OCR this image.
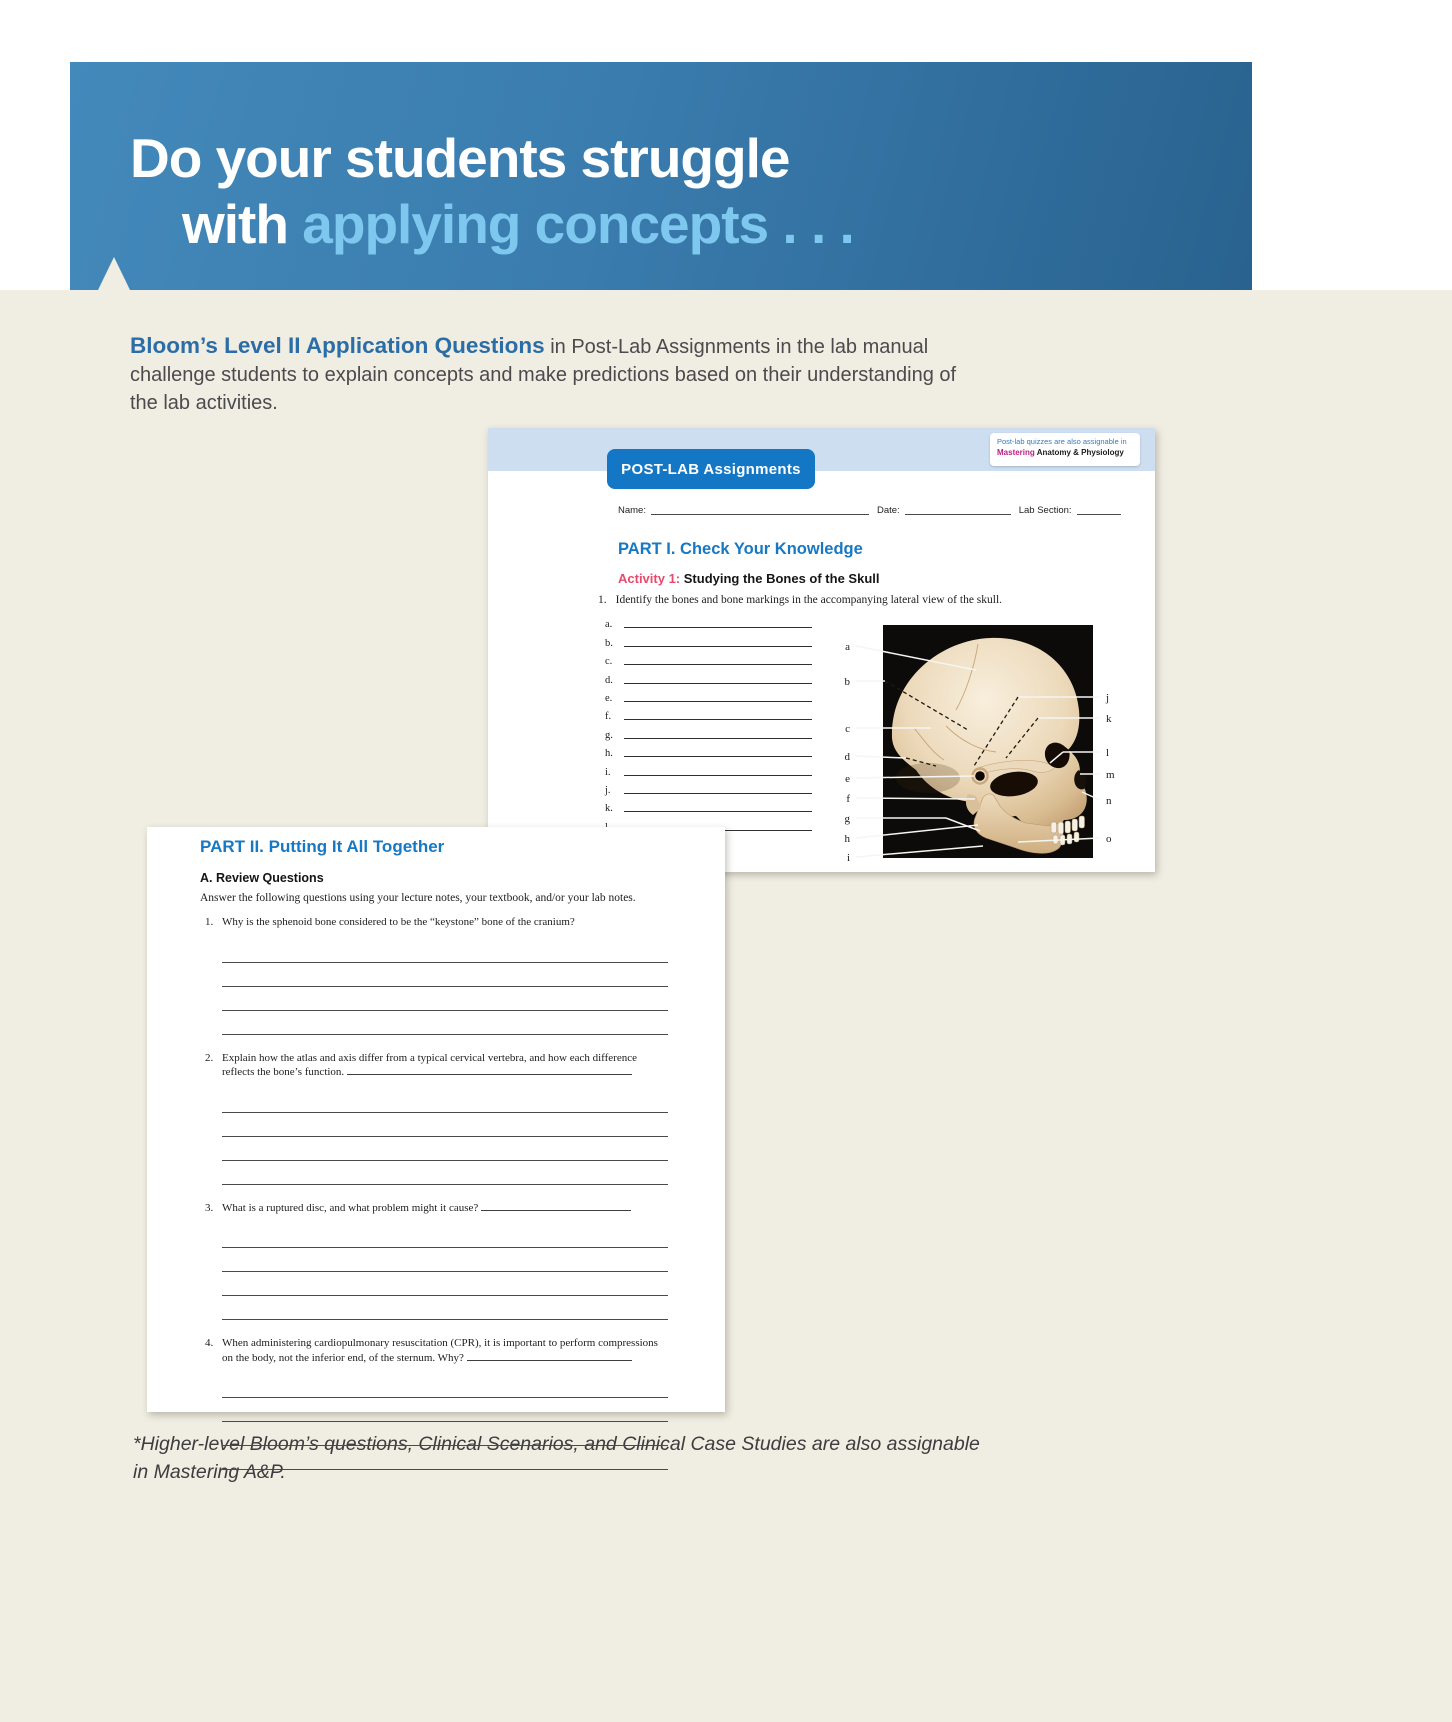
Do your students struggle
with applying concepts . . .
Bloom’s Level II Application Questions in Post-Lab Assignments in the lab manual
challenge students to explain concepts and make predictions based on their understanding of
the lab activities.
POST-LAB Assignments
Post-lab quizzes are also assignable in
Mastering Anatomy & Physiology
Name:	Date:	Lab Section:
PART I. Check Your Knowledge
Activity 1: Studying the Bones of the Skull
1. Identify the bones and bone markings in the accompanying lateral view of the skull.
a.
b.
c.
d.
e.
f.
g.
h.
i.
j.
k.
a
b
c
d
e
f
g
h
i
j
k
l
m
n
o
PART II. Putting It All Together
A. Review Questions
Answer the following questions using your lecture notes, your textbook, and/or your lab notes.
1. Why is the sphenoid bone considered to be the “keystone” bone of the cranium?
2. Explain how the atlas and axis differ from a typical cervical vertebra, and how each difference reflects the bone’s function.
3. What is a ruptured disc, and what problem might it cause?
4. When administering cardiopulmonary resuscitation (CPR), it is important to perform compressions on the body, not the inferior end, of the sternum. Why?
*Higher-level Bloom’s questions, Clinical Scenarios, and Clinical Case Studies are also assignable
in Mastering A&P.
